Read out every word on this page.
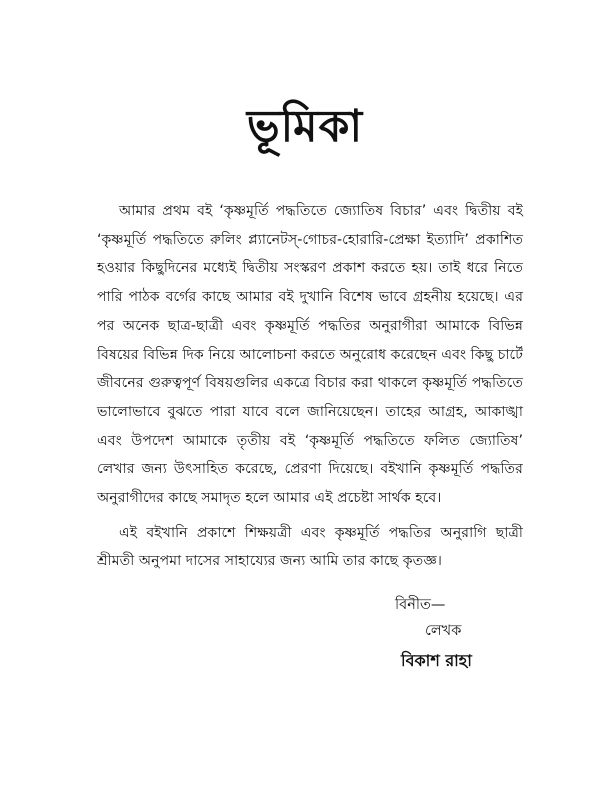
ভূমিকা

আমার প্রথম বই ‘কৃষ্ণমূর্তি পদ্ধতিতে জ্যোতিষ বিচার’ এবং দ্বিতীয় বই ‘কৃষ্ণমূর্তি পদ্ধতিতে রুলিং প্ল্যানেটস্-গোচর-হোরারি-প্রেক্ষা ইত্যাদি’ প্রকাশিত হওয়ার কিছুদিনের মধ্যেই দ্বিতীয় সংস্করণ প্রকাশ করতে হয়। তাই ধরে নিতে পারি পাঠক বর্গের কাছে আমার বই দুখানি বিশেষ ভাবে গ্রহনীয় হয়েছে। এর পর অনেক ছাত্র-ছাত্রী এবং কৃষ্ণমূর্তি পদ্ধতির অনুরাগীরা আমাকে বিভিন্ন বিষয়ের বিভিন্ন দিক নিয়ে আলোচনা করতে অনুরোধ করেছেন এবং কিছু চার্টে জীবনের গুরুত্বপূর্ণ বিষয়গুলির একত্রে বিচার করা থাকলে কৃষ্ণমূর্তি পদ্ধতিতে ভালোভাবে বুঝতে পারা যাবে বলে জানিয়েছেন। তাহের আগ্রহ, আকাঙ্খা এবং উপদেশ আমাকে তৃতীয় বই ‘কৃষ্ণমূর্তি পদ্ধতিতে ফলিত জ্যোতিষ’ লেখার জন্য উৎসাহিত করেছে, প্রেরণা দিয়েছে। বইখানি কৃষ্ণমূর্তি পদ্ধতির অনুরাগীদের কাছে সমাদৃত হলে আমার এই প্রচেষ্টা সার্থক হবে।

এই বইখানি প্রকাশে শিক্ষয়ত্রী এবং কৃষ্ণমূর্তি পদ্ধতির অনুরাগি ছাত্রী শ্রীমতী অনুপমা দাসের সাহায্যের জন্য আমি তার কাছে কৃতজ্ঞ।

বিনীত—
লেখক
বিকাশ রাহা
